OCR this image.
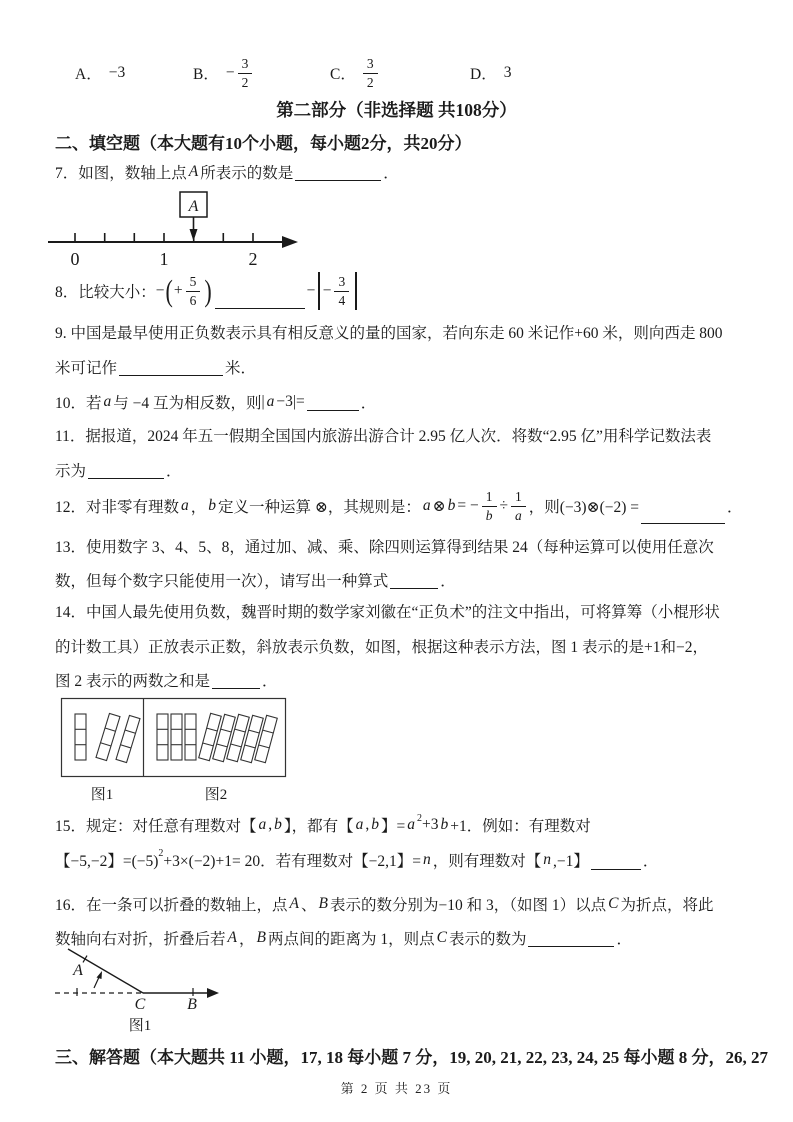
A． −3	B． − $\frac{3}{2}$	C． $\frac{3}{2}$	D． 3
第二部分（非选择题 共108分）
二、填空题（本大题有10个小题，每小题2分，共20分）
7．如图，数轴上点 A 所表示的数是	．
0	1	2
A
8．比较大小： − ( + $\frac{5}{6}$ )	− − $\frac{3}{4}$
9. 中国是最早使用正负数表示具有相反意义的量的国家，若向东走 60 米记作+60 米，则向西走 800
米可记作	米．
10．若 a 与 −4 互为相反数，则 | a −3| =	．
11．据报道，2024 年五一假期全国国内旅游出游合计 2.95 亿人次．将数“2.95 亿”用科学记数法表
示为	．
12．对非零有理数 a ， b 定义一种运算 ⊗，其规则是： a ⊗ b = − $\frac{1}{b} \div \frac{1}{a}$ ，则(−3)⊗(−2) =	．
13．使用数字 3、4、5、8，通过加、减、乘、除四则运算得到结果 24（每种运算可以使用任意次
数，但每个数字只能使用一次），请写出一种算式	．
14．中国人最先使用负数，魏晋时期的数学家刘徽在“正负术”的注文中指出，可将算筹（小棍形状
的计数工具）正放表示正数，斜放表示负数，如图，根据这种表示方法，图 1 表示的是+1和−2，
图 2 表示的两数之和是	．
图1	图2
15．规定：对任意有理数对【 a , b 】，都有【 a , b 】= a 2 +3 b +1．例如：有理数对
【−5,−2】=(−5) 2 +3×(−2)+1= 20．若有理数对【−2,1】= n ，则有理数对【 n ,−1】	．
16．在一条可以折叠的数轴上，点 A 、 B 表示的数分别为−10 和 3，（如图 1）以点 C 为折点，将此
数轴向右对折，折叠后若 A ， B 两点间的距离为 1，则点 C 表示的数为	．
A
C	B
图1
三、解答题（本大题共 11 小题，17, 18 每小题 7 分，19, 20, 21, 22, 23, 24, 25 每小题 8 分，26, 27
第 2 页 共 23 页
